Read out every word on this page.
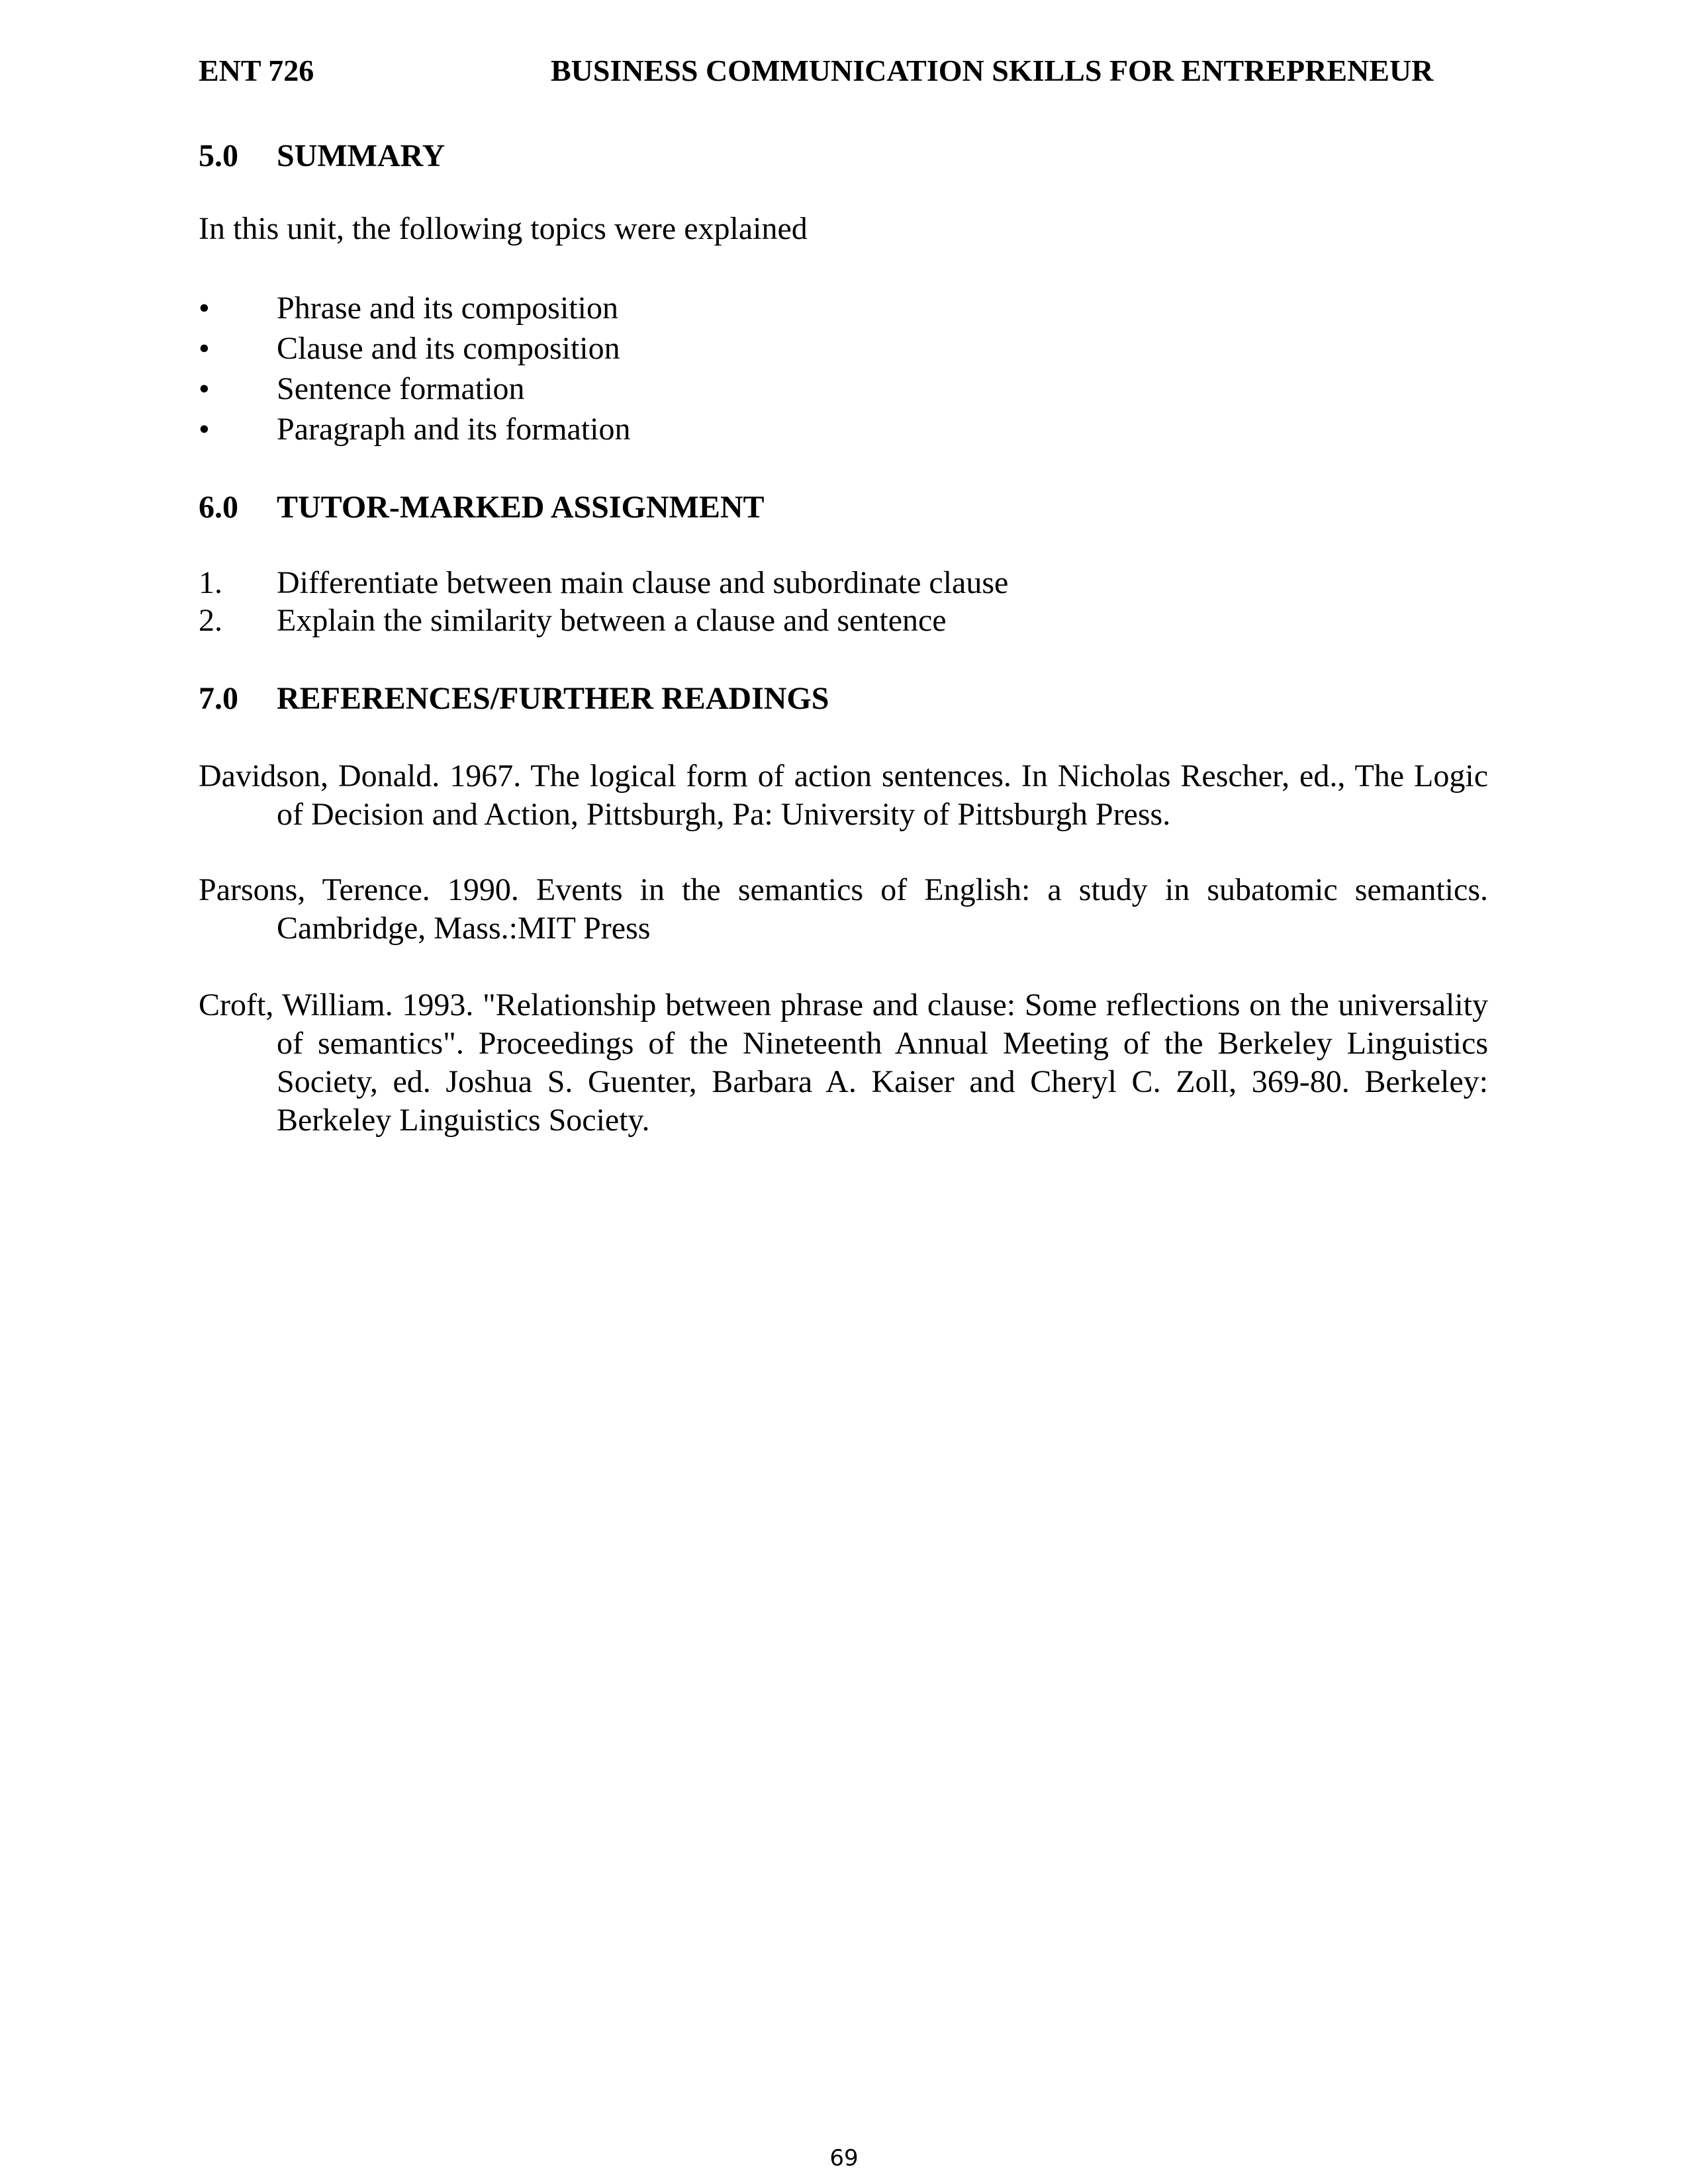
ENT 726	BUSINESS COMMUNICATION SKILLS FOR ENTREPRENEUR
5.0 SUMMARY
In this unit, the following topics were explained
• Phrase and its composition
• Clause and its composition
• Sentence formation
• Paragraph and its formation
6.0 TUTOR-MARKED ASSIGNMENT
1. Differentiate between main clause and subordinate clause
2. Explain the similarity between a clause and sentence
7.0 REFERENCES/FURTHER READINGS
Davidson, Donald. 1967. The logical form of action sentences. In Nicholas Rescher, ed., The Logic of Decision and Action, Pittsburgh, Pa: University of Pittsburgh Press.
Parsons, Terence. 1990. Events in the semantics of English: a study in subatomic semantics. Cambridge, Mass.:MIT Press
Croft, William. 1993. "Relationship between phrase and clause: Some reflections on the universality of semantics". Proceedings of the Nineteenth Annual Meeting of the Berkeley Linguistics Society, ed. Joshua S. Guenter, Barbara A. Kaiser and Cheryl C. Zoll, 369-80. Berkeley: Berkeley Linguistics Society.
69
